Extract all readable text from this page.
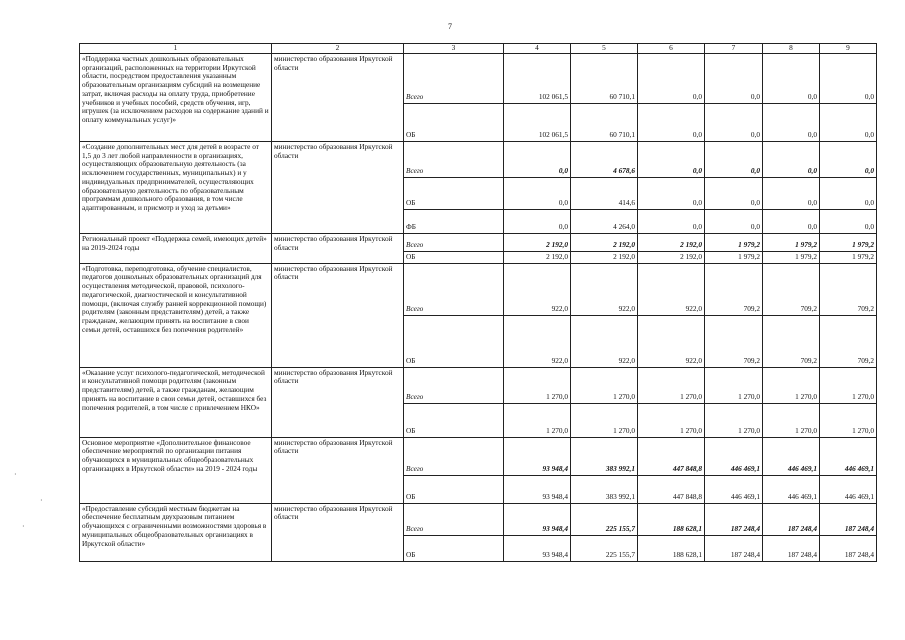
7
1	2	3	4	5	6	7	8	9
«Поддержка частных дошкольных образовательных организаций, расположенных на территории Иркутской области, посредством предоставления указанным образовательным организациям субсидий на возмещение затрат, включая расходы на оплату труда, приобретение учебников и учебных пособий, средств обучения, игр, игрушек (за исключением расходов на содержание зданий и оплату коммунальных услуг)»	министерство образования Иркутской области	Всего	102 061,5	60 710,1	0,0	0,0	0,0	0,0
		ОБ	102 061,5	60 710,1	0,0	0,0	0,0	0,0
«Создание дополнительных мест для детей в возрасте от 1,5 до 3 лет любой направленности в организациях, осуществляющих образовательную деятельность (за исключением государственных, муниципальных) и у индивидуальных предпринимателей, осуществляющих образовательную деятельность по образовательным программам дошкольного образования, в том числе адаптированным, и присмотр и уход за детьми»	министерство образования Иркутской области	Всего	0,0	4 678,6	0,0	0,0	0,0	0,0
		ОБ	0,0	414,6	0,0	0,0	0,0	0,0
		ФБ	0,0	4 264,0	0,0	0,0	0,0	0,0
Региональный проект «Поддержка семей, имеющих детей» на 2019-2024 годы	министерство образования Иркутской области	Всего	2 192,0	2 192,0	2 192,0	1 979,2	1 979,2	1 979,2
		ОБ	2 192,0	2 192,0	2 192,0	1 979,2	1 979,2	1 979,2
«Подготовка, переподготовка, обучение специалистов, педагогов дошкольных образовательных организаций для осуществления методической, правовой, психолого-педагогической, диагностической и консультативной помощи, (включая службу ранней коррекционной помощи) родителям (законным представителям) детей, а также гражданам, желающим принять на воспитание в свои семьи детей, оставшихся без попечения родителей»	министерство образования Иркутской области	Всего	922,0	922,0	922,0	709,2	709,2	709,2
		ОБ	922,0	922,0	922,0	709,2	709,2	709,2
«Оказание услуг психолого-педагогической, методической и консультативной помощи родителям (законным представителям) детей, а также гражданам, желающим принять на воспитание в свои семьи детей, оставшихся без попечения родителей, в том числе с привлечением НКО»	министерство образования Иркутской области	Всего	1 270,0	1 270,0	1 270,0	1 270,0	1 270,0	1 270,0
		ОБ	1 270,0	1 270,0	1 270,0	1 270,0	1 270,0	1 270,0
Основное мероприятие «Дополнительное финансовое обеспечение мероприятий по организации питания обучающихся в муниципальных общеобразовательных организациях в Иркутской области» на 2019 - 2024 годы	министерство образования Иркутской области	Всего	93 948,4	383 992,1	447 848,8	446 469,1	446 469,1	446 469,1
		ОБ	93 948,4	383 992,1	447 848,8	446 469,1	446 469,1	446 469,1
«Предоставление субсидий местным бюджетам на обеспечение бесплатным двухразовым питанием обучающихся с ограниченными возможностями здоровья в муниципальных общеобразовательных организациях в Иркутской области»	министерство образования Иркутской области	Всего	93 948,4	225 155,7	188 628,1	187 248,4	187 248,4	187 248,4
		ОБ	93 948,4	225 155,7	188 628,1	187 248,4	187 248,4	187 248,4
·
·
·
